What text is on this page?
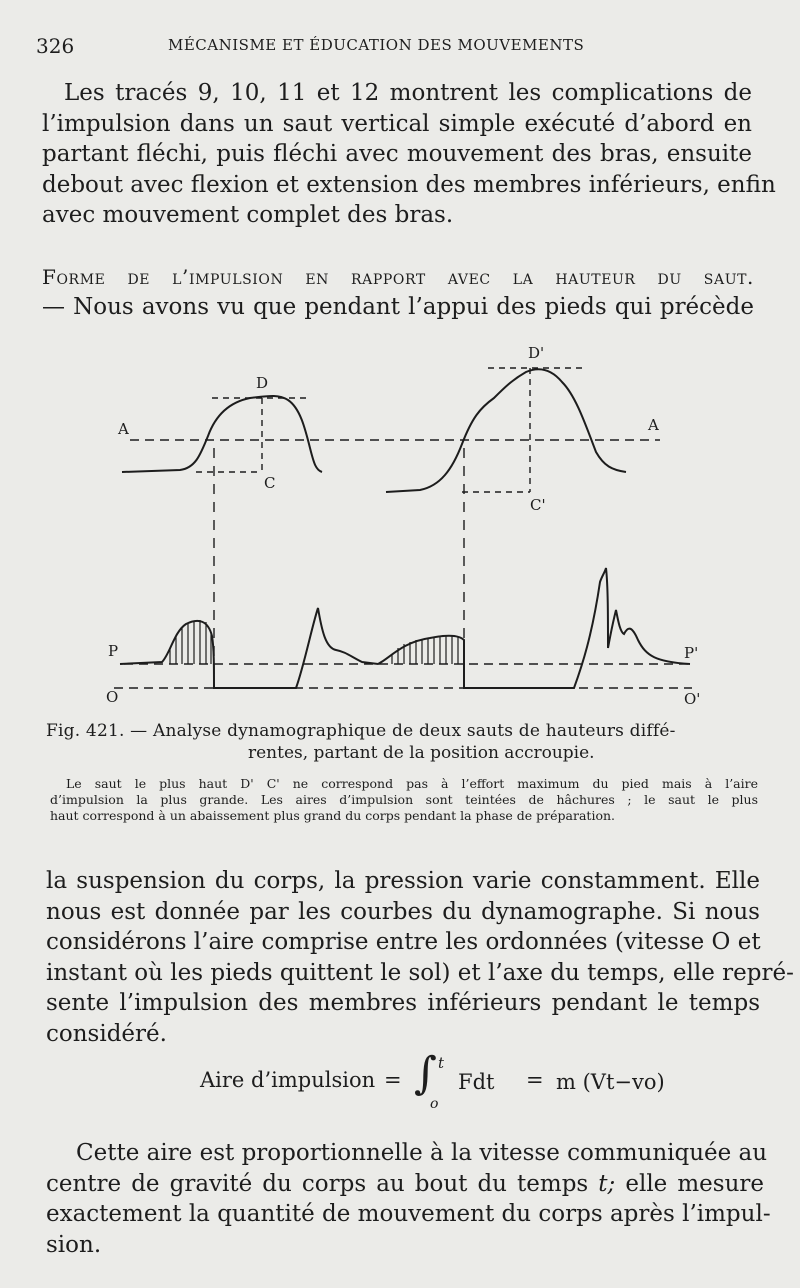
326	MÉCANISME ET ÉDUCATION DES MOUVEMENTS
Les tracés 9, 10, 11 et 12 montrent les complications de
l’impulsion dans un saut vertical simple exécuté d’abord en
partant fléchi, puis fléchi avec mouvement des bras, ensuite
debout avec flexion et extension des membres inférieurs, enfin
avec mouvement complet des bras.
Forme de l’impulsion en rapport avec la hauteur du saut.
— Nous avons vu que pendant l’appui des pieds qui précède
D
D'
A	A
C
C'
P	P'
O	O'
Fig. 421. — Analyse dynamographique de deux sauts de hauteurs diffé-
rentes, partant de la position accroupie.
Le saut le plus haut D' C' ne correspond pas à l’effort maximum du pied mais à l’aire
d’impulsion la plus grande. Les aires d’impulsion sont teintées de hâchures ; le saut le plus
haut correspond à un abaissement plus grand du corps pendant la phase de préparation.
la suspension du corps, la pression varie constamment. Elle
nous est donnée par les courbes du dynamographe. Si nous
considérons l’aire comprise entre les ordonnées (vitesse O et
instant où les pieds quittent le sol) et l’axe du temps, elle repré-
sente l’impulsion des membres inférieurs pendant le temps
considéré.
Aire d’impulsion = ∫ t
o
Fdt = m (Vt−vo)
Cette aire est proportionnelle à la vitesse communiquée au
centre de gravité du corps au bout du temps t; elle mesure
exactement la quantité de mouvement du corps après l’impul-
sion.
